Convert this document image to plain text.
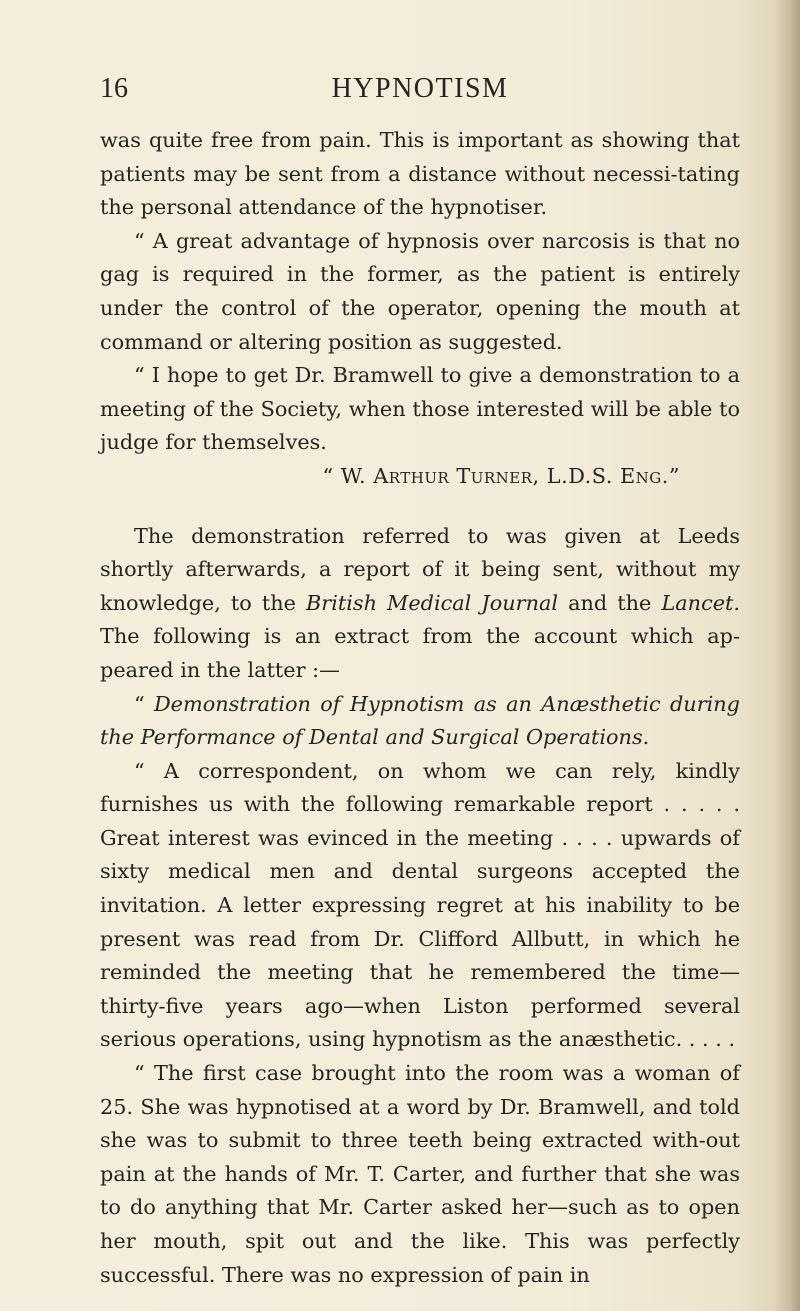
16	HYPNOTISM

was quite free from pain. This is important as showing that patients may be sent from a distance without necessi-tating the personal attendance of the hypnotiser.

“ A great advantage of hypnosis over narcosis is that no gag is required in the former, as the patient is entirely under the control of the operator, opening the mouth at command or altering position as suggested.

“ I hope to get Dr. Bramwell to give a demonstration to a meeting of the Society, when those interested will be able to judge for themselves.

“ W. Arthur Turner, L.D.S. Eng.”

The demonstration referred to was given at Leeds shortly afterwards, a report of it being sent, without my knowledge, to the British Medical Journal and the Lancet. The following is an extract from the account which ap-peared in the latter :—

“ Demonstration of Hypnotism as an Anæsthetic during the Performance of Dental and Surgical Operations.

“ A correspondent, on whom we can rely, kindly furnishes us with the following remarkable report . . . . . Great interest was evinced in the meeting . . . . upwards of sixty medical men and dental surgeons accepted the invitation. A letter expressing regret at his inability to be present was read from Dr. Clifford Allbutt, in which he reminded the meeting that he remembered the time— thirty-five years ago—when Liston performed several serious operations, using hypnotism as the anæsthetic. . . . .

“ The first case brought into the room was a woman of 25. She was hypnotised at a word by Dr. Bramwell, and told she was to submit to three teeth being extracted with-out pain at the hands of Mr. T. Carter, and further that she was to do anything that Mr. Carter asked her—such as to open her mouth, spit out and the like. This was perfectly successful. There was no expression of pain in
